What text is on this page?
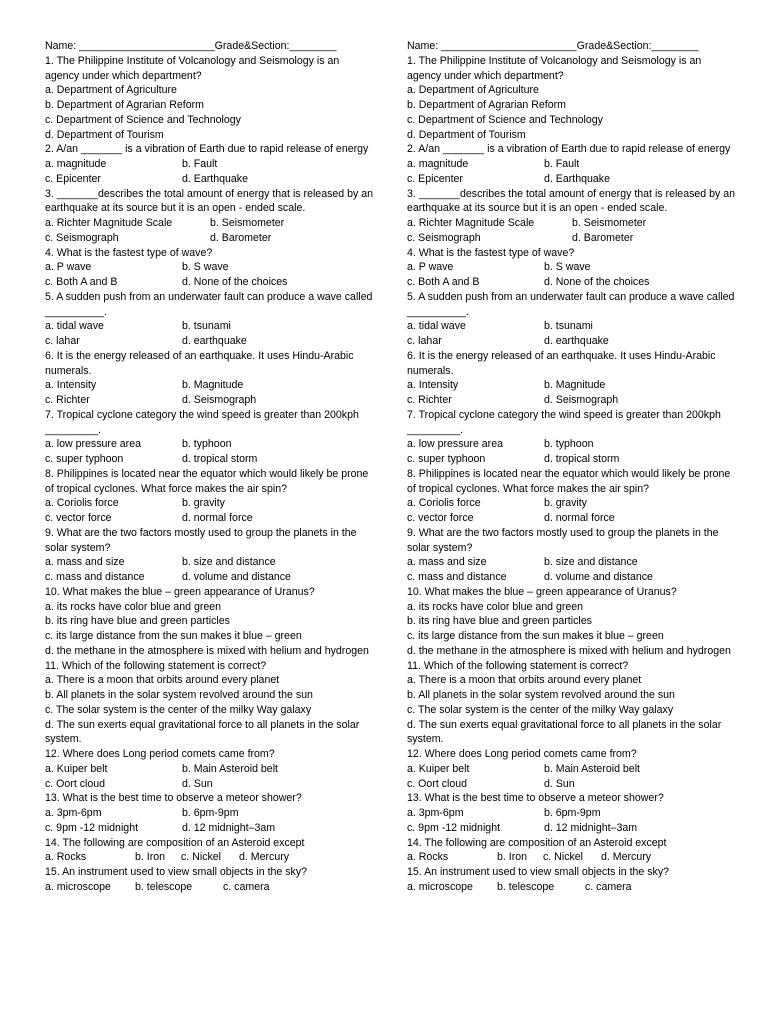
Name: _______________________Grade&Section:________
1. The Philippine Institute of Volcanology and Seismology is an agency under which department?
a. Department of Agriculture
b. Department of Agrarian Reform
c. Department of Science and Technology
d. Department of Tourism
2. A/an _______ is a vibration of Earth due to rapid release of energy
a. magnitude	b. Fault
c. Epicenter	d. Earthquake
3. _______describes the total amount of energy that is released by an earthquake at its source but it is an open - ended scale.
a. Richter Magnitude Scale	b. Seismometer
c. Seismograph	d. Barometer
4. What is the fastest type of wave?
a. P wave	b. S wave
c. Both A and B	d. None of the choices
5. A sudden push from an underwater fault can produce a wave called __________.
a. tidal wave	b. tsunami
c. lahar	d. earthquake
6. It is the energy released of an earthquake. It uses Hindu-Arabic numerals.
a. Intensity	b. Magnitude
c. Richter	d. Seismograph
7. Tropical cyclone category the wind speed is greater than 200kph _________.
a. low pressure area	b. typhoon
c. super typhoon	d. tropical storm
8. Philippines is located near the equator which would likely be prone of tropical cyclones. What force makes the air spin?
a. Coriolis force	b. gravity
c. vector force	d. normal force
9. What are the two factors mostly used to group the planets in the solar system?
a. mass and size	b. size and distance
c. mass and distance	d. volume and distance
10. What makes the blue – green appearance of Uranus?
a. its rocks have color blue and green
b. its ring have blue and green particles
c. its large distance from the sun makes it blue – green
d. the methane in the atmosphere is mixed with helium and hydrogen
11. Which of the following statement is correct?
a. There is a moon that orbits around every planet
b. All planets in the solar system revolved around the sun
c. The solar system is the center of the milky Way galaxy
d. The sun exerts equal gravitational force to all planets in the solar system.
12. Where does Long period comets came from?
a. Kuiper belt	b. Main Asteroid belt
c. Oort cloud	d. Sun
13. What is the best time to observe a meteor shower?
a. 3pm-6pm	b. 6pm-9pm
c. 9pm -12 midnight	d. 12 midnight–3am
14. The following are composition of an Asteroid except
a. Rocks	b. Iron	c. Nickel	d. Mercury
15. An instrument used to view small objects in the sky?
a. microscope	b. telescope	c. camera
Name: _______________________Grade&Section:________
1. The Philippine Institute of Volcanology and Seismology is an agency under which department?
a. Department of Agriculture
b. Department of Agrarian Reform
c. Department of Science and Technology
d. Department of Tourism
2. A/an _______ is a vibration of Earth due to rapid release of energy
a. magnitude	b. Fault
c. Epicenter	d. Earthquake
3. _______describes the total amount of energy that is released by an earthquake at its source but it is an open - ended scale.
a. Richter Magnitude Scale	b. Seismometer
c. Seismograph	d. Barometer
4. What is the fastest type of wave?
a. P wave	b. S wave
c. Both A and B	d. None of the choices
5. A sudden push from an underwater fault can produce a wave called __________.
a. tidal wave	b. tsunami
c. lahar	d. earthquake
6. It is the energy released of an earthquake. It uses Hindu-Arabic numerals.
a. Intensity	b. Magnitude
c. Richter	d. Seismograph
7. Tropical cyclone category the wind speed is greater than 200kph _________.
a. low pressure area	b. typhoon
c. super typhoon	d. tropical storm
8. Philippines is located near the equator which would likely be prone of tropical cyclones. What force makes the air spin?
a. Coriolis force	b. gravity
c. vector force	d. normal force
9. What are the two factors mostly used to group the planets in the solar system?
a. mass and size	b. size and distance
c. mass and distance	d. volume and distance
10. What makes the blue – green appearance of Uranus?
a. its rocks have color blue and green
b. its ring have blue and green particles
c. its large distance from the sun makes it blue – green
d. the methane in the atmosphere is mixed with helium and hydrogen
11. Which of the following statement is correct?
a. There is a moon that orbits around every planet
b. All planets in the solar system revolved around the sun
c. The solar system is the center of the milky Way galaxy
d. The sun exerts equal gravitational force to all planets in the solar system.
12. Where does Long period comets came from?
a. Kuiper belt	b. Main Asteroid belt
c. Oort cloud	d. Sun
13. What is the best time to observe a meteor shower?
a. 3pm-6pm	b. 6pm-9pm
c. 9pm -12 midnight	d. 12 midnight–3am
14. The following are composition of an Asteroid except
a. Rocks	b. Iron	c. Nickel	d. Mercury
15. An instrument used to view small objects in the sky?
a. microscope	b. telescope	c. camera
